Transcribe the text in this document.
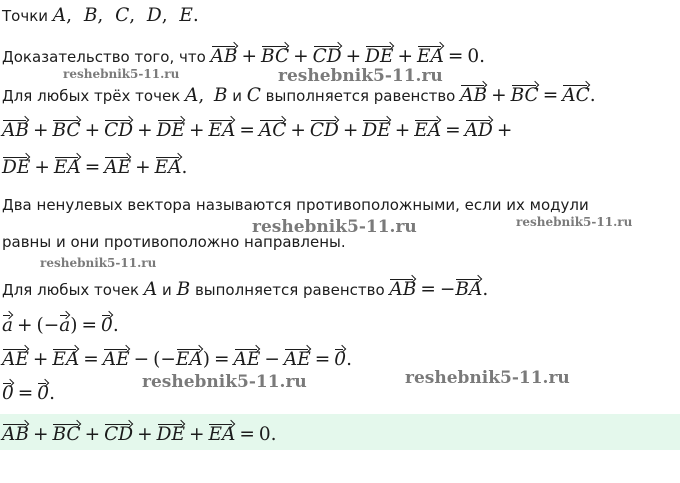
Точки A,  B,  C,  D,  E.
Доказательство того, что AB + BC + CD + DE + EA = 0.
Для любых трёх точек A, B и C выполняется равенство AB + BC = AC.
AB + BC + CD + DE + EA = AC + CD + DE + EA = AD +
DE + EA = AE + EA.
Два ненулевых вектора называются противоположными, если их модули
равны и они противоположно направлены.
Для любых точек A и B выполняется равенство AB = −BA.
a + (−a) = 0.
AE + EA = AE − (−EA) = AE − AE = 0.
0 = 0.
AB + BC + CD + DE + EA = 0.
reshebnik5-11.ru	reshebnik5-11.ru
reshebnik5-11.ru	reshebnik5-11.ru
reshebnik5-11.ru
reshebnik5-11.ru	reshebnik5-11.ru
